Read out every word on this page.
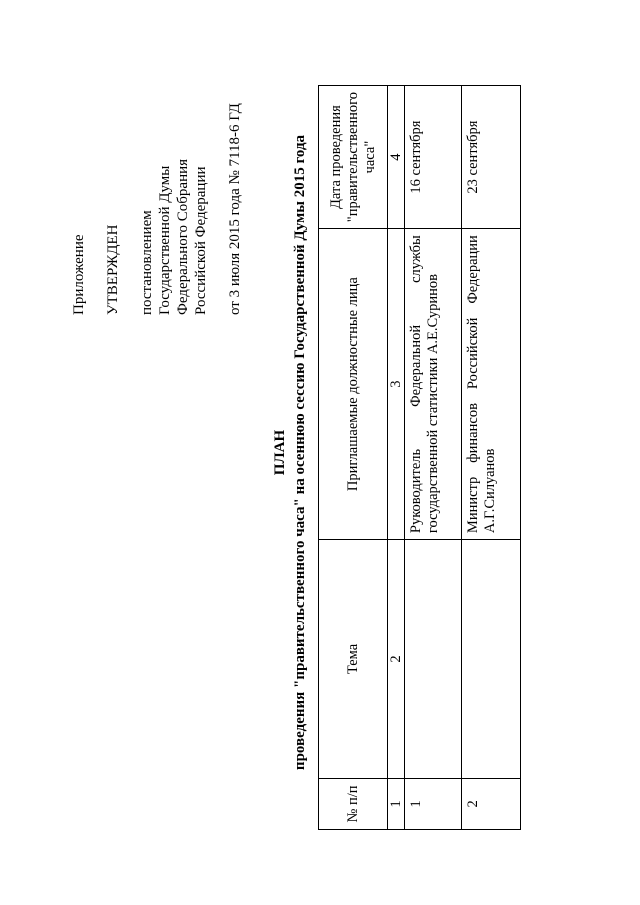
Приложение УТВЕРЖДЕН постановлением Государственной Думы Федерального Собрания Российской Федерации от 3 июля 2015 года № 7118-6 ГД
ПЛАН проведения "правительственного часа" на осеннюю сессию Государственной Думы 2015 года
№ п/п	Тема	Приглашаемые должностные лица	Дата проведения "правительственного часа"
1	2	3	4
1		Руководитель Федеральной службы государственной статистики А.Е.Суринов	16 сентября
2		Министр финансов Российской Федерации А.Г.Силуанов	23 сентября
